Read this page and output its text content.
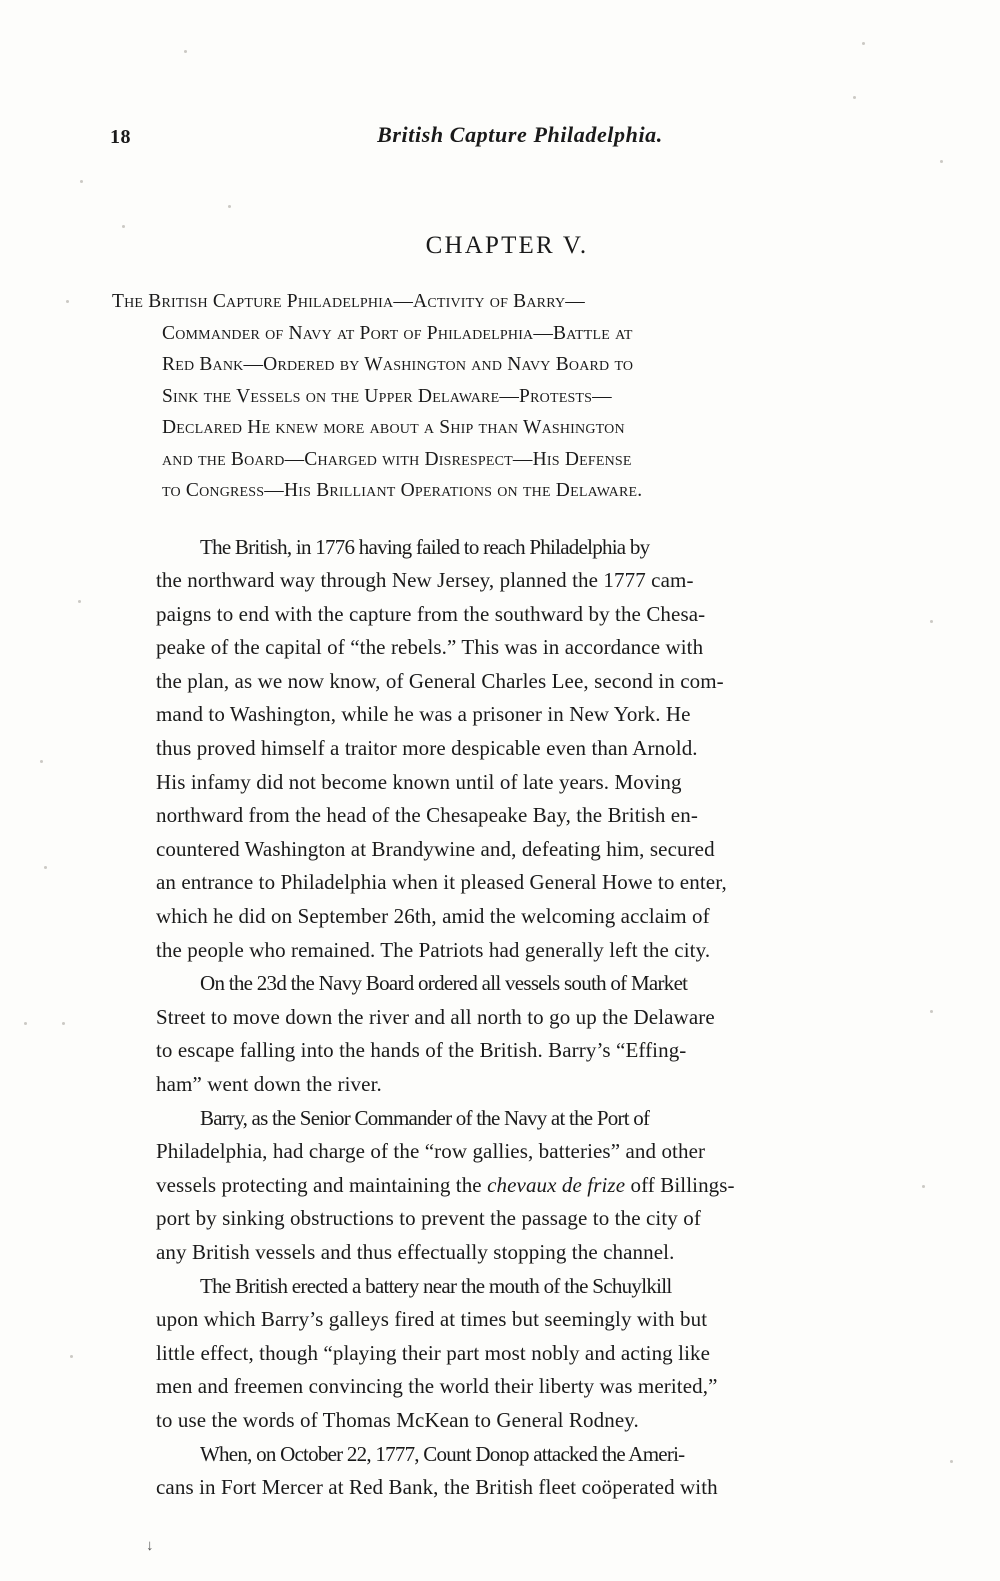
18	British Capture Philadelphia.
CHAPTER V.
The British Capture Philadelphia—Activity of Barry—
Commander of Navy at Port of Philadelphia—Battle at
Red Bank—Ordered by Washington and Navy Board to
Sink the Vessels on the Upper Delaware—Protests—
Declared He knew more about a Ship than Washington
and the Board—Charged with Disrespect—His Defense
to Congress—His Brilliant Operations on the Delaware.

The British, in 1776 having failed to reach Philadelphia by
the northward way through New Jersey, planned the 1777 cam-
paigns to end with the capture from the southward by the Chesa-
peake of the capital of “the rebels.” This was in accordance with
the plan, as we now know, of General Charles Lee, second in com-
mand to Washington, while he was a prisoner in New York. He
thus proved himself a traitor more despicable even than Arnold.
His infamy did not become known until of late years. Moving
northward from the head of the Chesapeake Bay, the British en-
countered Washington at Brandywine and, defeating him, secured
an entrance to Philadelphia when it pleased General Howe to enter,
which he did on September 26th, amid the welcoming acclaim of
the people who remained. The Patriots had generally left the city.

On the 23d the Navy Board ordered all vessels south of Market
Street to move down the river and all north to go up the Delaware
to escape falling into the hands of the British. Barry’s “Effing-
ham” went down the river.

Barry, as the Senior Commander of the Navy at the Port of
Philadelphia, had charge of the “row gallies, batteries” and other
vessels protecting and maintaining the chevaux de frize off Billings-
port by sinking obstructions to prevent the passage to the city of
any British vessels and thus effectually stopping the channel.

The British erected a battery near the mouth of the Schuylkill
upon which Barry’s galleys fired at times but seemingly with but
little effect, though “playing their part most nobly and acting like
men and freemen convincing the world their liberty was merited,”
to use the words of Thomas McKean to General Rodney.

When, on October 22, 1777, Count Donop attacked the Ameri-
cans in Fort Mercer at Red Bank, the British fleet coöperated with

↓
